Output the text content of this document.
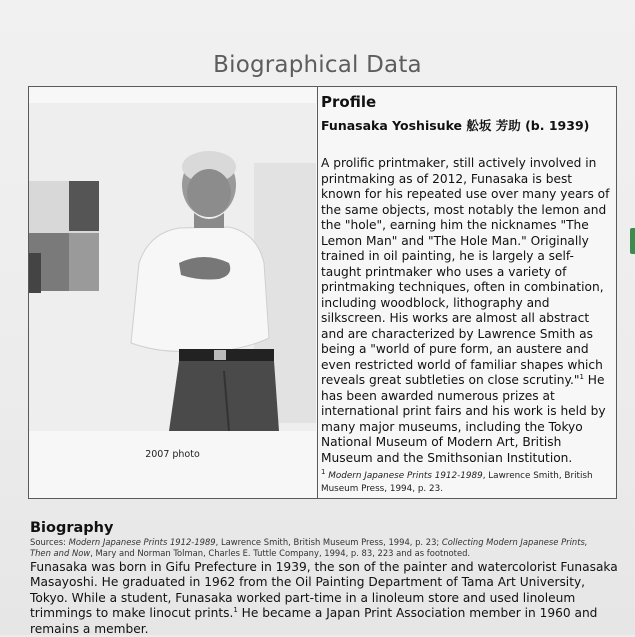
Biographical Data
2007 photo
Profile
Funasaka Yoshisuke 舩坂 芳助 (b. 1939)
A prolific printmaker, still actively involved in printmaking as of 2012, Funasaka is best known for his repeated use over many years of the same objects, most notably the lemon and the "hole", earning him the nicknames "The Lemon Man" and "The Hole Man." Originally trained in oil painting, he is largely a self-taught printmaker who uses a variety of printmaking techniques, often in combination, including woodblock, lithography and silkscreen. His works are almost all abstract and are characterized by Lawrence Smith as being a "world of pure form, an austere and even restricted world of familiar shapes which reveals great subtleties on close scrutiny."$^1$ He has been awarded numerous prizes at international print fairs and his work is held by many major museums, including the Tokyo National Museum of Modern Art, British Museum and the Smithsonian Institution.
$^1$ Modern Japanese Prints 1912-1989, Lawrence Smith, British Museum Press, 1994, p. 23.
Biography
Sources: Modern Japanese Prints 1912-1989, Lawrence Smith, British Museum Press, 1994, p. 23; Collecting Modern Japanese Prints, Then and Now, Mary and Norman Tolman, Charles E. Tuttle Company, 1994, p. 83, 223 and as footnoted.
Funasaka was born in Gifu Prefecture in 1939, the son of the painter and watercolorist Funasaka Masayoshi. He graduated in 1962 from the Oil Painting Department of Tama Art University, Tokyo. While a student, Funasaka worked part-time in a linoleum store and used linoleum trimmings to make linocut prints.$^1$ He became a Japan Print Association member in 1960 and remains a member.
